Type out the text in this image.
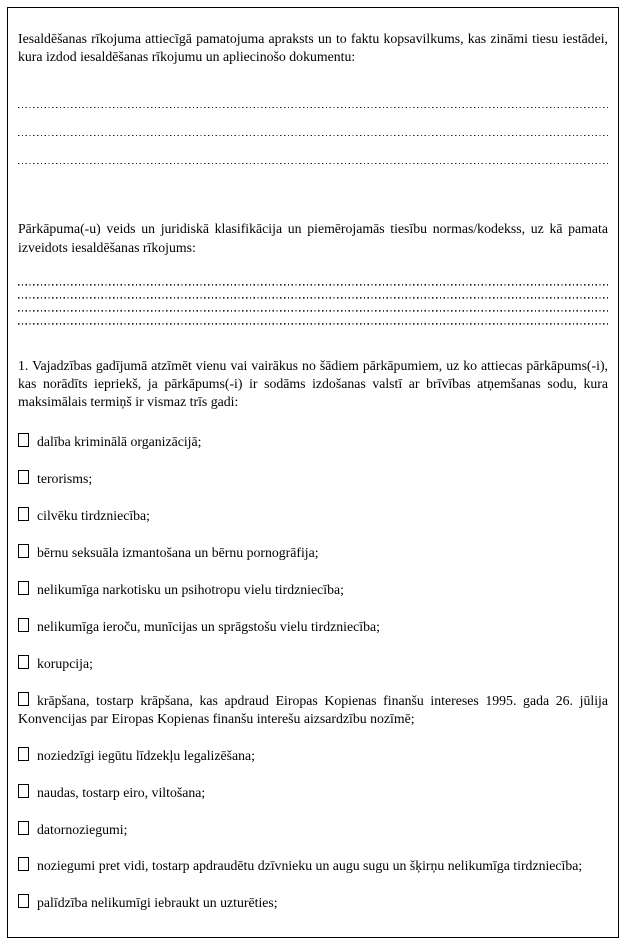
Iesaldēšanas rīkojuma attiecīgā pamatojuma apraksts un to faktu kopsavilkums, kas zināmi tiesu iestādei, kura izdod iesaldēšanas rīkojumu un apliecinošo dokumentu:

Pārkāpuma(-u) veids un juridiskā klasifikācija un piemērojamās tiesību normas/kodekss, uz kā pamata izveidots iesaldēšanas rīkojums:

1. Vajadzības gadījumā atzīmēt vienu vai vairākus no šādiem pārkāpumiem, uz ko attiecas pārkāpums(-i), kas norādīts iepriekš, ja pārkāpums(-i) ir sodāms izdošanas valstī ar brīvības atņemšanas sodu, kura maksimālais termiņš ir vismaz trīs gadi:

dalība kriminālā organizācijā;

terorisms;

cilvēku tirdzniecība;

bērnu seksuāla izmantošana un bērnu pornogrāfija;

nelikumīga narkotisku un psihotropu vielu tirdzniecība;

nelikumīga ieroču, munīcijas un sprāgstošu vielu tirdzniecība;

korupcija;

krāpšana, tostarp krāpšana, kas apdraud Eiropas Kopienas finanšu intereses 1995. gada 26. jūlija Konvencijas par Eiropas Kopienas finanšu interešu aizsardzību nozīmē;

noziedzīgi iegūtu līdzekļu legalizēšana;

naudas, tostarp eiro, viltošana;

datornoziegumi;

noziegumi pret vidi, tostarp apdraudētu dzīvnieku un augu sugu un šķirņu nelikumīga tirdzniecība;

palīdzība nelikumīgi iebraukt un uzturēties;
